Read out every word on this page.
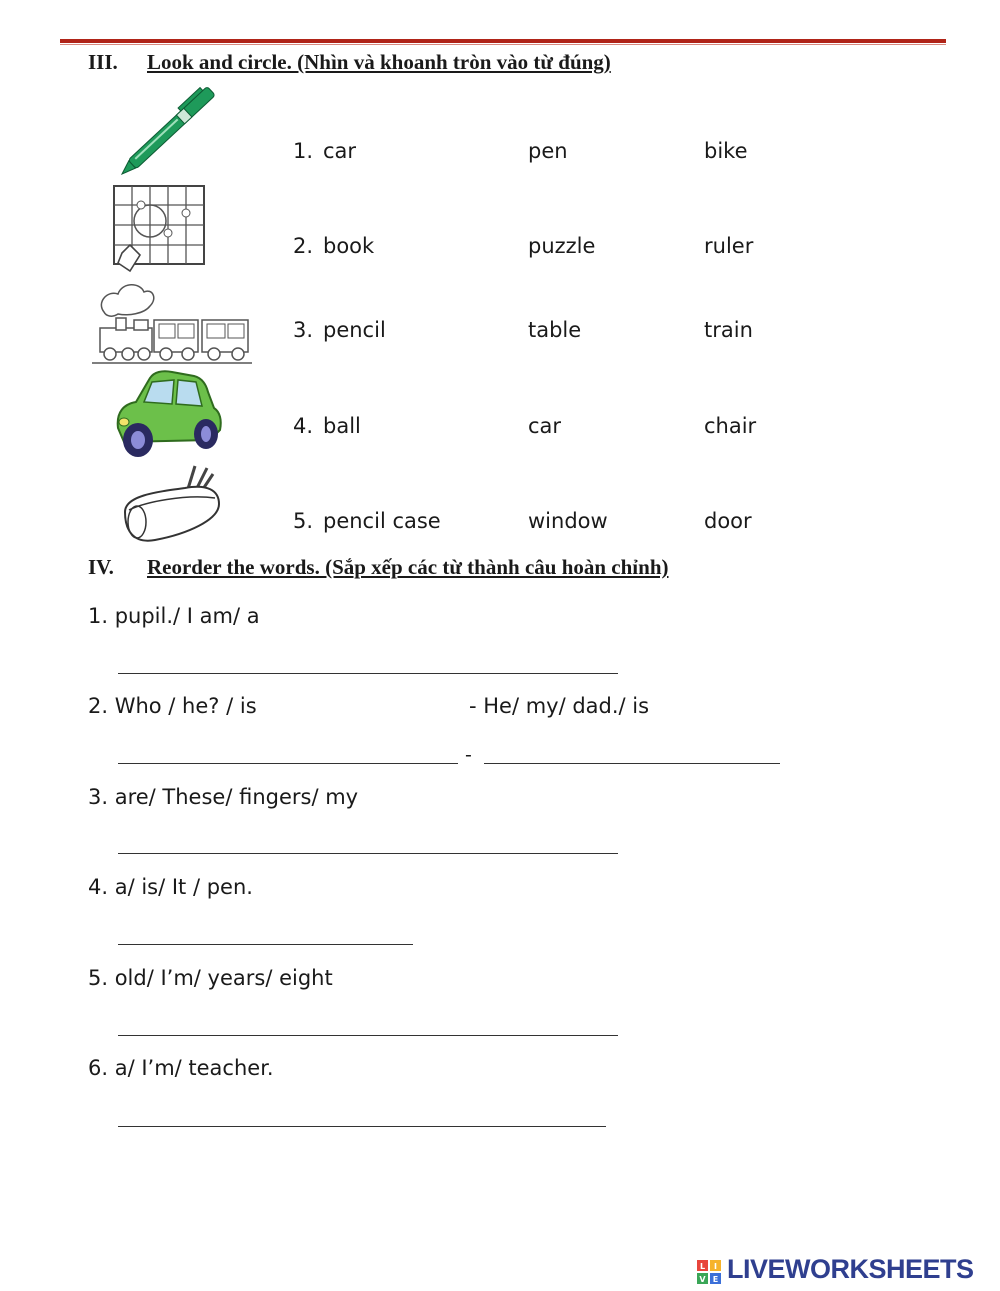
III. Look and circle. (Nhìn và khoanh tròn vào từ đúng)
1. car	pen	bike
2. book	puzzle	ruler
3. pencil	table	train
4. ball	car	chair
5. pencil case	window	door
IV. Reorder the words. (Sắp xếp các từ thành câu hoàn chỉnh)
1. pupil./ I am/ a
2. Who / he? / is	- He/ my/ dad./ is
-
3. are/ These/ fingers/ my
4. a/ is/ It / pen.
5. old/ I’m/ years/ eight
6. a/ I’m/ teacher.
L I
V E LIVEWORKSHEETS
